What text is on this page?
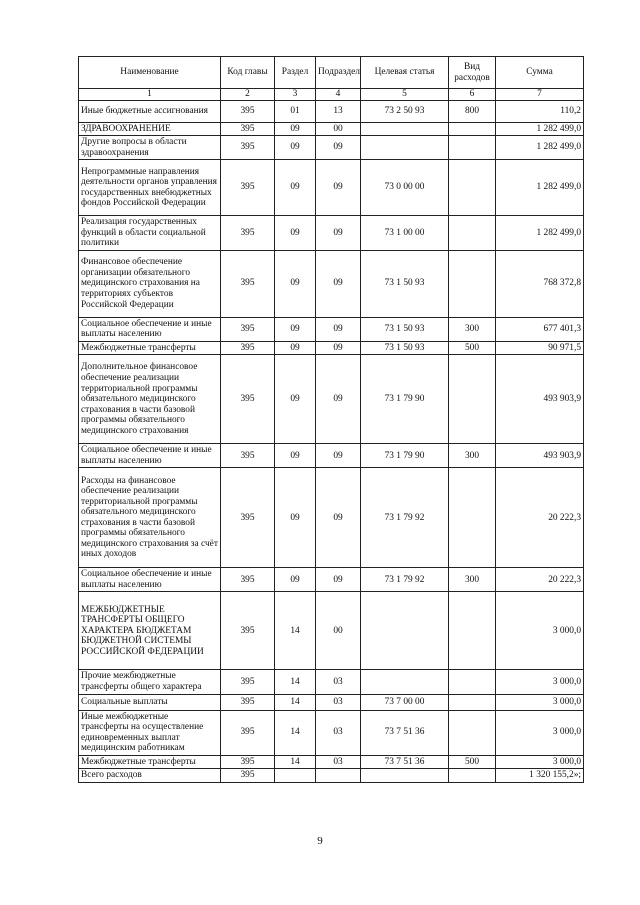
Наименование	Код главы	Раздел	Подраздел	Целевая статья	Вид расходов	Сумма
1	2	3	4	5	6	7
Иные бюджетные ассигнования	395	01	13	73 2 50 93	800	110,2
ЗДРАВООХРАНЕНИЕ	395	09	00			1 282 499,0
Другие вопросы в области здравоохранения	395	09	09			1 282 499,0
Непрограммные направления деятельности органов управления государственных внебюджетных фондов Российской Федерации	395	09	09	73 0 00 00		1 282 499,0
Реализация государственных функций в области социальной политики	395	09	09	73 1 00 00		1 282 499,0
Финансовое обеспечение организации обязательного медицинского страхования на территориях субъектов Российской Федерации	395	09	09	73 1 50 93		768 372,8
Социальное обеспечение и иные выплаты населению	395	09	09	73 1 50 93	300	677 401,3
Межбюджетные трансферты	395	09	09	73 1 50 93	500	90 971,5
Дополнительное финансовое обеспечение реализации территориальной программы обязательного медицинского страхования в части базовой программы обязательного медицинского страхования	395	09	09	73 1 79 90		493 903,9
Социальное обеспечение и иные выплаты населению	395	09	09	73 1 79 90	300	493 903,9
Расходы на финансовое обеспечение реализации территориальной программы обязательного медицинского страхования в части базовой программы обязательного медицинского страхования за счёт иных доходов	395	09	09	73 1 79 92		20 222,3
Социальное обеспечение и иные выплаты населению	395	09	09	73 1 79 92	300	20 222,3
МЕЖБЮДЖЕТНЫЕ ТРАНСФЕРТЫ ОБЩЕГО ХАРАКТЕРА БЮДЖЕТАМ БЮДЖЕТНОЙ СИСТЕМЫ РОССИЙСКОЙ ФЕДЕРАЦИИ	395	14	00			3 000,0
Прочие межбюджетные трансферты общего характера	395	14	03			3 000,0
Социальные выплаты	395	14	03	73 7 00 00		3 000,0
Иные межбюджетные трансферты на осуществление единовременных выплат медицинским работникам	395	14	03	73 7 51 36		3 000,0
Межбюджетные трансферты	395	14	03	73 7 51 36	500	3 000,0
Всего расходов	395					1 320 155,2»;
9
